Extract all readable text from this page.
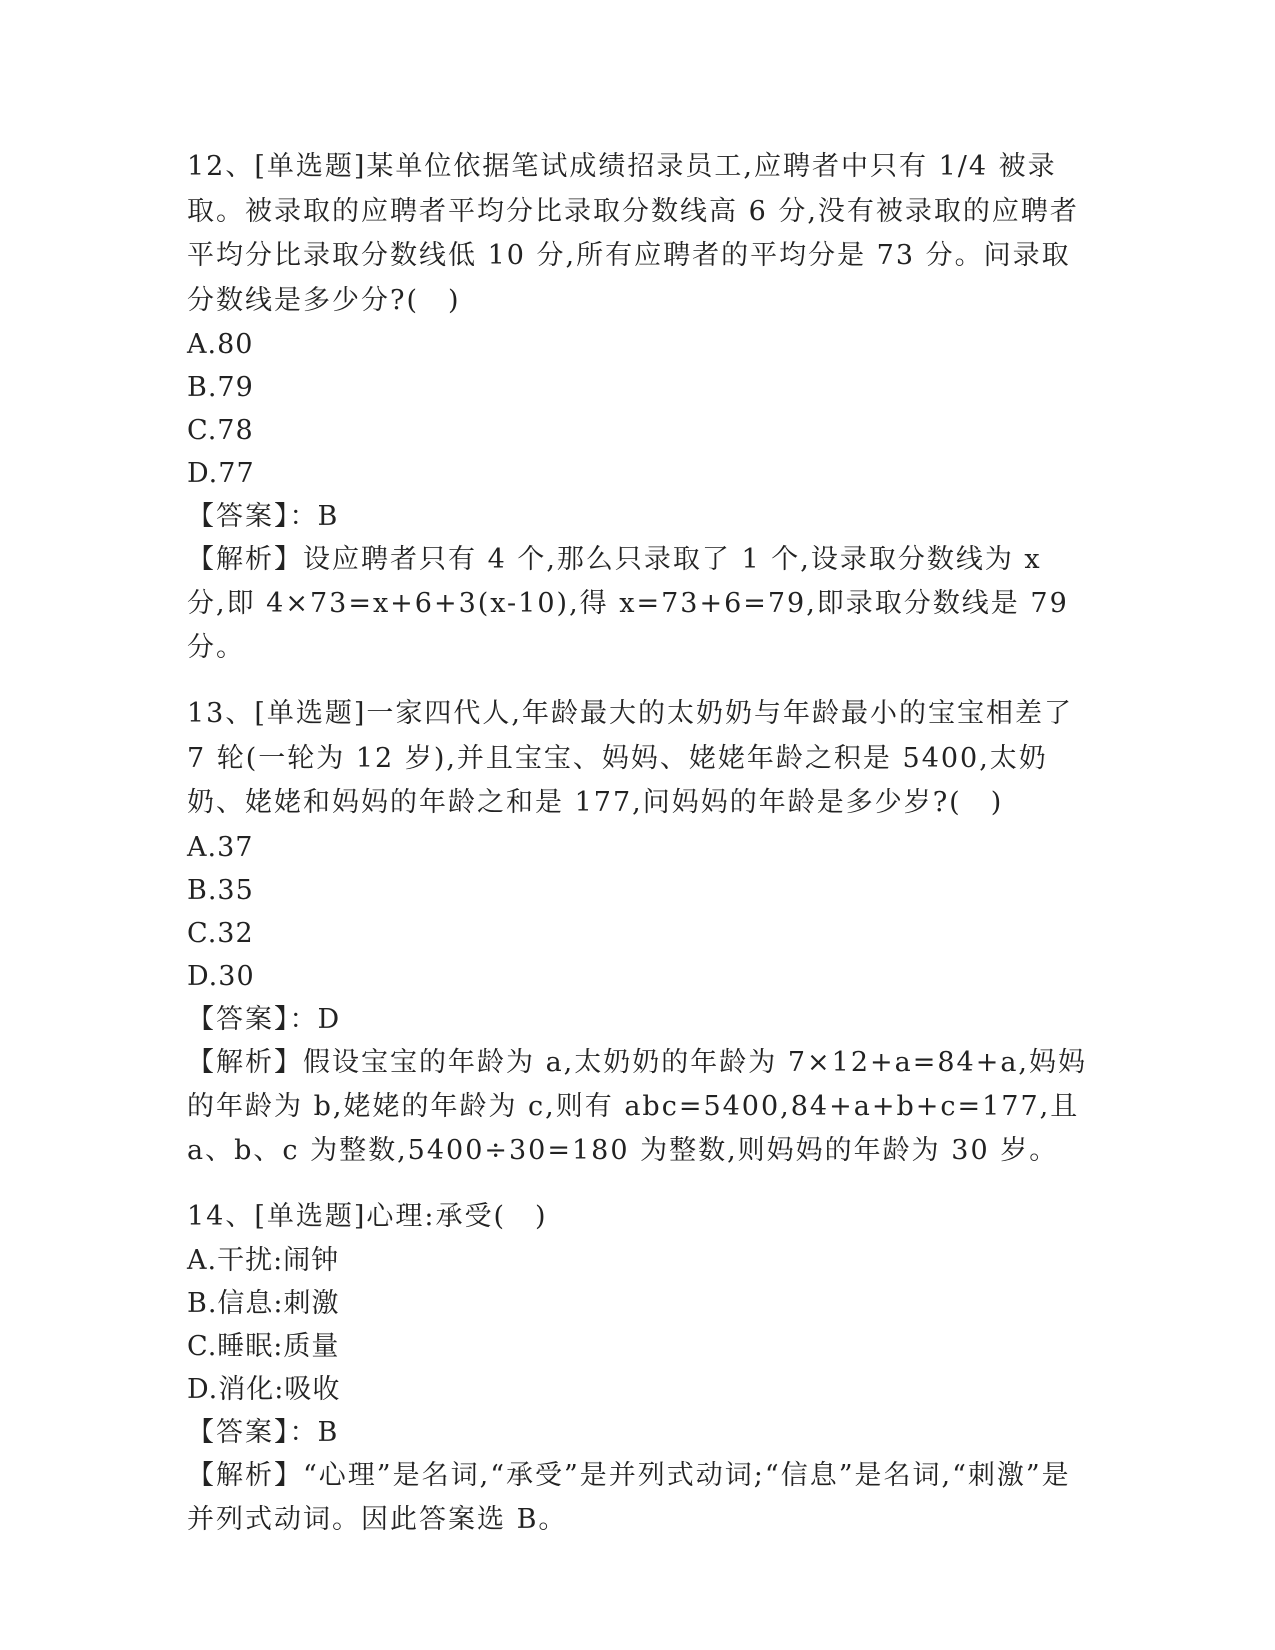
12、[单选题]某单位依据笔试成绩招录员工,应聘者中只有 1/4 被录取。被录取的应聘者平均分比录取分数线高 6 分,没有被录取的应聘者平均分比录取分数线低 10 分,所有应聘者的平均分是 73 分。问录取分数线是多少分?(　)

A.80

B.79

C.78

D.77

【答案】：B

【解析】设应聘者只有 4 个,那么只录取了 1 个,设录取分数线为 x 分,即 4×73=x+6+3(x-10),得 x=73+6=79,即录取分数线是 79 分。

13、[单选题]一家四代人,年龄最大的太奶奶与年龄最小的宝宝相差了 7 轮(一轮为 12 岁),并且宝宝、妈妈、姥姥年龄之积是 5400,太奶奶、姥姥和妈妈的年龄之和是 177,问妈妈的年龄是多少岁?(　)

A.37

B.35

C.32

D.30

【答案】：D

【解析】假设宝宝的年龄为 a,太奶奶的年龄为 7×12+a=84+a,妈妈的年龄为 b,姥姥的年龄为 c,则有 abc=5400,84+a+b+c=177,且 a、b、c 为整数,5400÷30=180 为整数,则妈妈的年龄为 30 岁。

14、[单选题]心理:承受(　)

A.干扰:闹钟

B.信息:刺激

C.睡眠:质量

D.消化:吸收

【答案】：B

【解析】“心理”是名词,“承受”是并列式动词;“信息”是名词,“刺激”是并列式动词。因此答案选 B。
